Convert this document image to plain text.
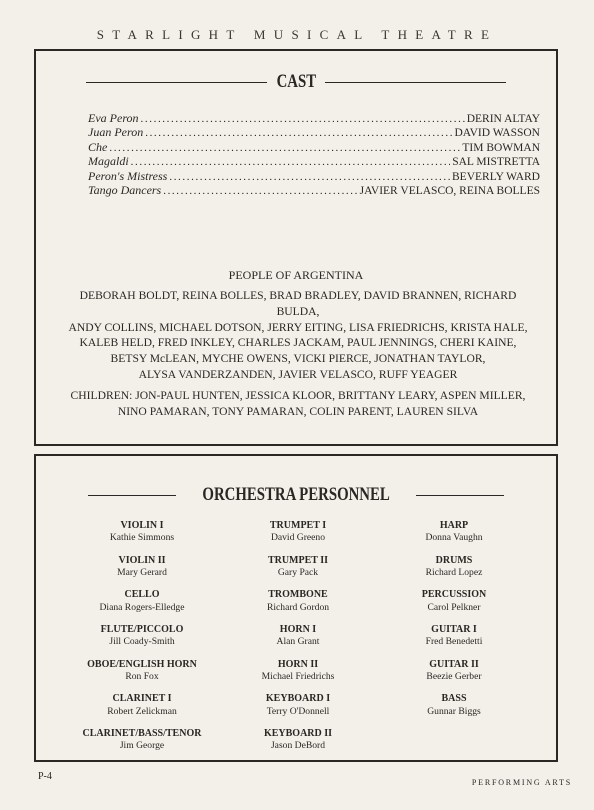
STARLIGHT MUSICAL THEATRE
CAST
Eva Peron .....	DERIN ALTAY
Juan Peron .....	DAVID WASSON
Che .....	TIM BOWMAN
Magaldi .....	SAL MISTRETTA
Peron's Mistress .....	BEVERLY WARD
Tango Dancers .....	JAVIER VELASCO, REINA BOLLES
PEOPLE OF ARGENTINA
DEBORAH BOLDT, REINA BOLLES, BRAD BRADLEY, DAVID BRANNEN, RICHARD BULDA,
ANDY COLLINS, MICHAEL DOTSON, JERRY EITING, LISA FRIEDRICHS, KRISTA HALE,
KALEB HELD, FRED INKLEY, CHARLES JACKAM, PAUL JENNINGS, CHERI KAINE,
BETSY McLEAN, MYCHE OWENS, VICKI PIERCE, JONATHAN TAYLOR,
ALYSA VANDERZANDEN, JAVIER VELASCO, RUFF YEAGER
CHILDREN: JON-PAUL HUNTEN, JESSICA KLOOR, BRITTANY LEARY, ASPEN MILLER,
NINO PAMARAN, TONY PAMARAN, COLIN PARENT, LAUREN SILVA
ORCHESTRA PERSONNEL
VIOLIN I
Kathie Simmons
VIOLIN II
Mary Gerard
CELLO
Diana Rogers-Elledge
FLUTE/PICCOLO
Jill Coady-Smith
OBOE/ENGLISH HORN
Ron Fox
CLARINET I
Robert Zelickman
CLARINET/BASS/TENOR
Jim George
TRUMPET I
David Greeno
TRUMPET II
Gary Pack
TROMBONE
Richard Gordon
HORN I
Alan Grant
HORN II
Michael Friedrichs
KEYBOARD I
Terry O'Donnell
KEYBOARD II
Jason DeBord
HARP
Donna Vaughn
DRUMS
Richard Lopez
PERCUSSION
Carol Pelkner
GUITAR I
Fred Benedetti
GUITAR II
Beezie Gerber
BASS
Gunnar Biggs
P-4
PERFORMING ARTS
